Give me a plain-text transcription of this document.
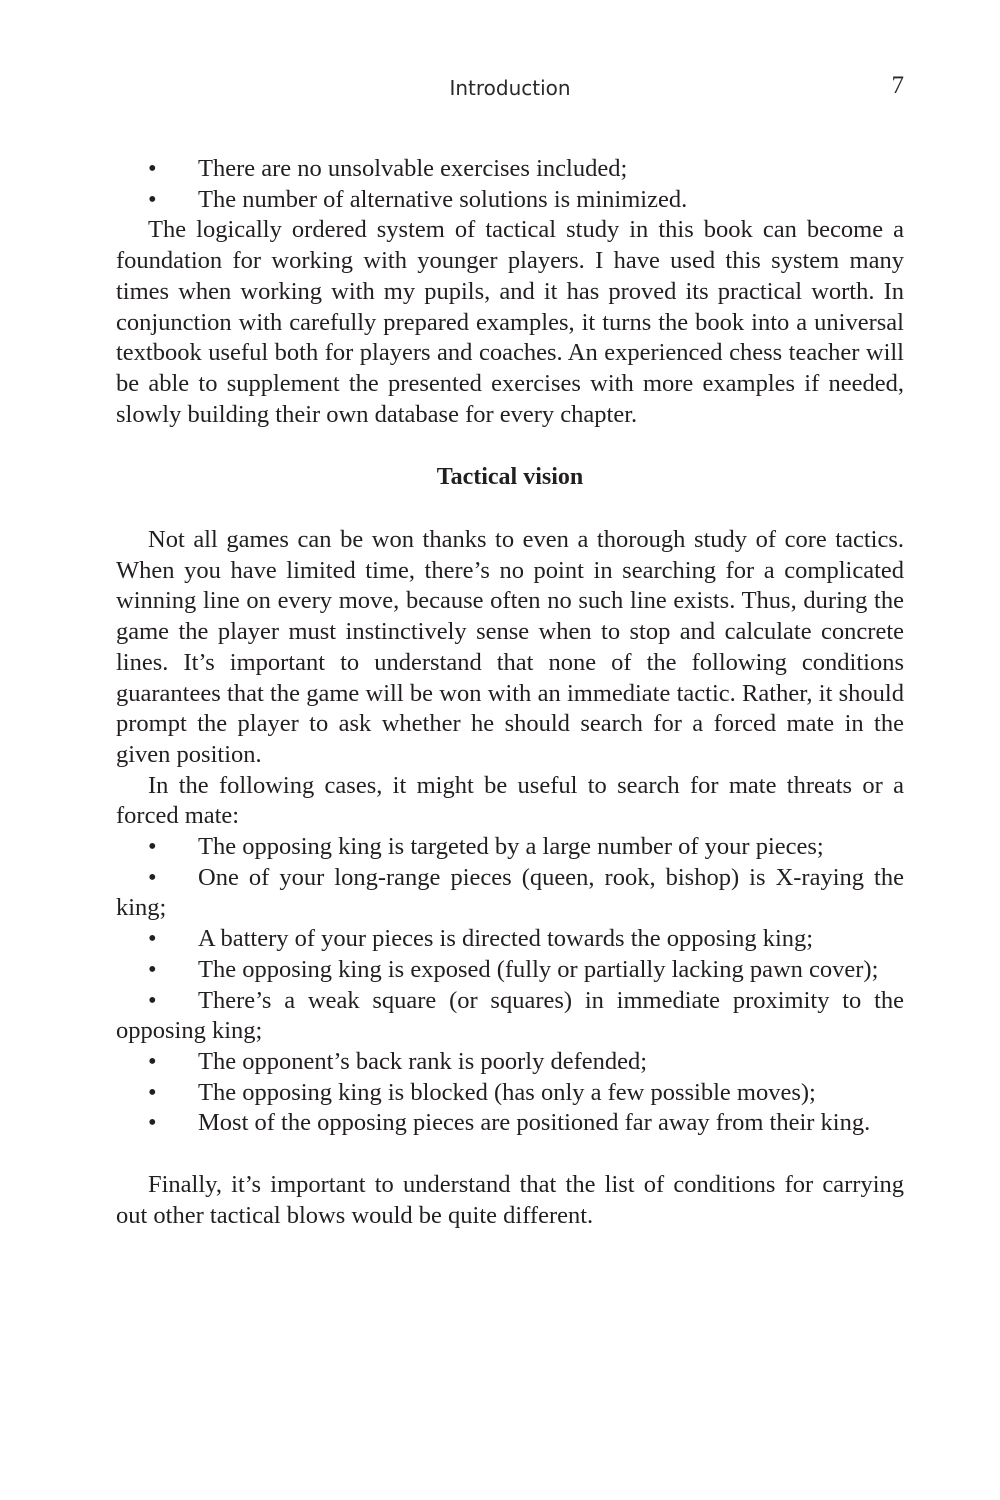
Introduction	7
• There are no unsolvable exercises included;
• The number of alternative solutions is minimized.

The logically ordered system of tactical study in this book can become a foundation for working with younger players. I have used this system many times when working with my pupils, and it has proved its practical worth. In conjunction with carefully prepared examples, it turns the book into a universal textbook useful both for players and coaches. An experienced chess teacher will be able to supplement the presented exercises with more examples if needed, slowly building their own database for every chapter.

Tactical vision

Not all games can be won thanks to even a thorough study of core tactics. When you have limited time, there’s no point in searching for a complicated winning line on every move, because often no such line exists. Thus, during the game the player must instinctively sense when to stop and calculate concrete lines. It’s important to understand that none of the following conditions guarantees that the game will be won with an immediate tactic. Rather, it should prompt the player to ask whether he should search for a forced mate in the given position.

In the following cases, it might be useful to search for mate threats or a forced mate:

• The opposing king is targeted by a large number of your pieces;
• One of your long-range pieces (queen, rook, bishop) is X-raying the king;
• A battery of your pieces is directed towards the opposing king;
• The opposing king is exposed (fully or partially lacking pawn cover);
• There’s a weak square (or squares) in immediate proximity to the opposing king;
• The opponent’s back rank is poorly defended;
• The opposing king is blocked (has only a few possible moves);
• Most of the opposing pieces are positioned far away from their king.

Finally, it’s important to understand that the list of conditions for carrying out other tactical blows would be quite different.
